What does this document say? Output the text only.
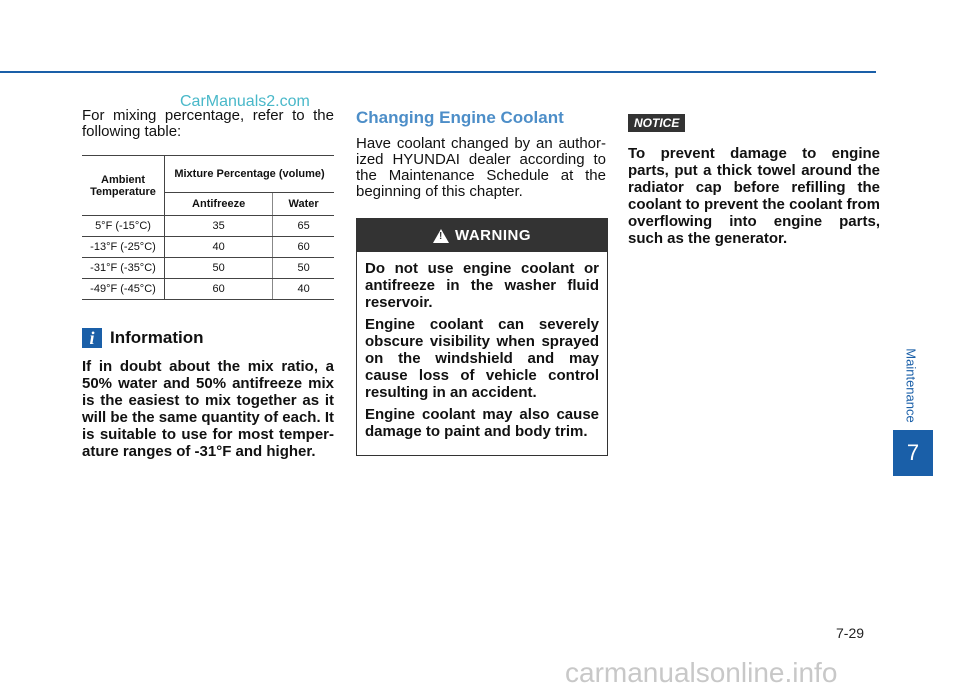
CarManuals2.com

For mixing percentage, refer to the following table:

Ambient Temperature	Mixture Percentage (volume)	
	Antifreeze	Water
5°F (-15°C)	35	65
-13°F (-25°C)	40	60
-31°F (-35°C)	50	50
-49°F (-45°C)	60	40
i Information

If in doubt about the mix ratio, a 50% water and 50% antifreeze mix is the easiest to mix together as it will be the same quantity of each. It is suitable to use for most temper-ature ranges of -31°F and higher.

Changing Engine Coolant

Have coolant changed by an author-ized HYUNDAI dealer according to the Maintenance Schedule at the beginning of this chapter.

! WARNING

Do not use engine coolant or antifreeze in the washer fluid reservoir.

Engine coolant can severely obscure visibility when sprayed on the windshield and may cause loss of vehicle control resulting in an accident.

Engine coolant may also cause damage to paint and body trim.

NOTICE

To prevent damage to engine parts, put a thick towel around the radiator cap before refilling the coolant to prevent the coolant from overflowing into engine parts, such as the generator.

Maintenance
7
7-29
carmanualsonline.info
